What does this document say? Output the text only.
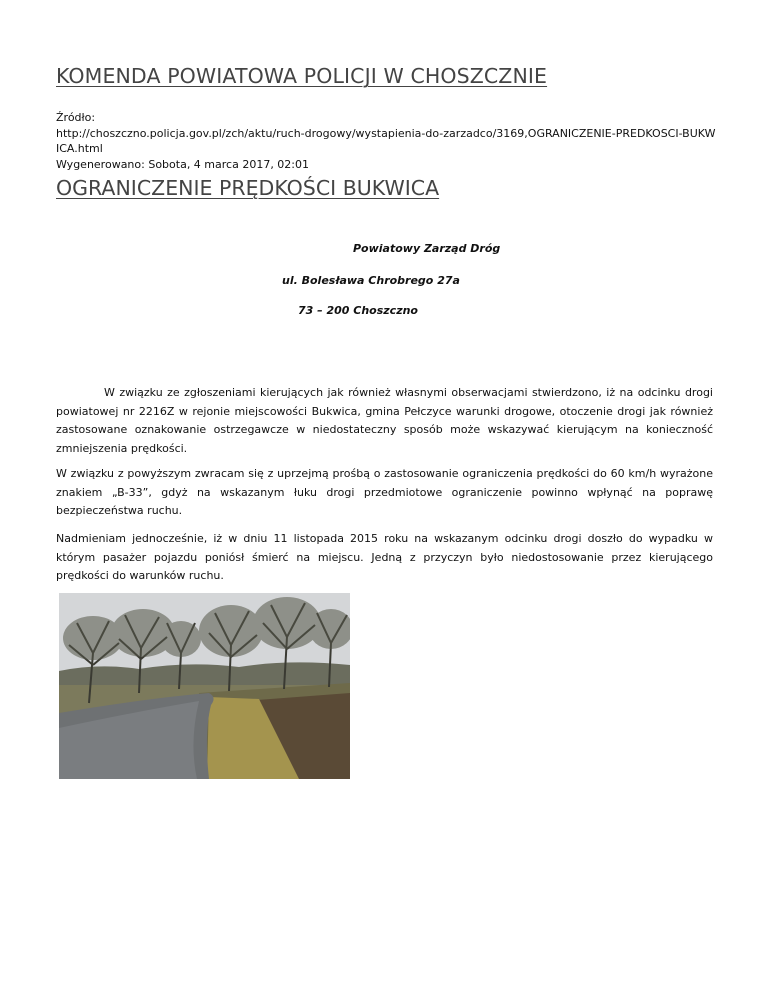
KOMENDA POWIATOWA POLICJI W CHOSZCZNIE
Źródło:
http://choszczno.policja.gov.pl/zch/aktu/ruch-drogowy/wystapienia-do-zarzadco/3169,OGRANICZENIE-PREDKOSCI-BUKWICA.html
Wygenerowano: Sobota, 4 marca 2017, 02:01
OGRANICZENIE PRĘDKOŚCI BUKWICA
Powiatowy Zarząd Dróg
ul. Bolesława Chrobrego 27a
73 – 200 Choszczno

W związku ze zgłoszeniami kierujących jak również własnymi obserwacjami stwierdzono, iż na odcinku drogi powiatowej nr 2216Z w rejonie miejscowości Bukwica, gmina Pełczyce warunki drogowe, otoczenie drogi jak również zastosowane oznakowanie ostrzegawcze w niedostateczny sposób może wskazywać kierującym na konieczność zmniejszenia prędkości.

W związku z powyższym zwracam się z uprzejmą prośbą o zastosowanie ograniczenia prędkości do 60 km/h wyrażone znakiem „B-33”, gdyż na wskazanym łuku drogi przedmiotowe ograniczenie powinno wpłynąć na poprawę bezpieczeństwa ruchu.

Nadmieniam jednocześnie, iż w dniu 11 listopada 2015 roku na wskazanym odcinku drogi doszło do wypadku w którym pasażer pojazdu poniósł śmierć na miejscu. Jedną z przyczyn było niedostosowanie przez kierującego prędkości do warunków ruchu.
